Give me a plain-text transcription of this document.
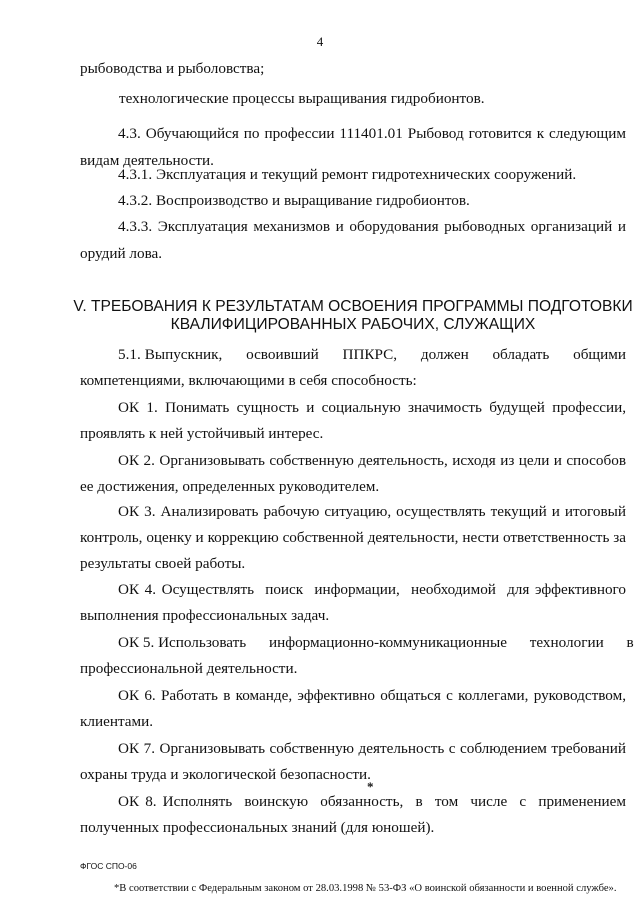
4
рыбоводства и рыболовства;
технологические процессы выращивания гидробионтов.
4.3. Обучающийся по профессии 111401.01 Рыбовод готовится к следующим
видам деятельности.
4.3.1. Эксплуатация и текущий ремонт гидротехнических сооружений.
4.3.2. Воспроизводство и выращивание гидробионтов.
4.3.3. Эксплуатация механизмов и оборудования рыбоводных организаций и
орудий лова.
V. ТРЕБОВАНИЯ К РЕЗУЛЬТАТАМ ОСВОЕНИЯ ПРОГРАММЫ ПОДГОТОВКИ
КВАЛИФИЦИРОВАННЫХ РАБОЧИХ, СЛУЖАЩИХ
5.1. Выпускник,      освоивший      ППКРС,      должен      обладать      общими
компетенциями, включающими в себя способность:
ОК 1. Понимать сущность и социальную значимость будущей профессии,
проявлять к ней устойчивый интерес.
ОК 2. Организовывать собственную деятельность, исходя из цели и способов
ее достижения, определенных руководителем.
ОК 3. Анализировать рабочую ситуацию, осуществлять текущий и итоговый
контроль, оценку и коррекцию собственной деятельности, нести ответственность за
результаты своей работы.
ОК 4. Осуществлять  поиск  информации,  необходимой  для эффективного
выполнения профессиональных задач.
ОК 5. Использовать      информационно-коммуникационные      технологии      в
профессиональной деятельности.
ОК 6. Работать в команде, эффективно общаться с коллегами, руководством,
клиентами.
ОК 7. Организовывать собственную деятельность с соблюдением требований
охраны труда и экологической безопасности.
*
ОК 8. Исполнять  воинскую  обязанность,  в  том  числе  с  применением
полученных профессиональных знаний (для юношей).
ФГОС СПО-06
*В соответствии с Федеральным законом от 28.03.1998 № 53-ФЗ «О воинской обязанности и военной службе».
